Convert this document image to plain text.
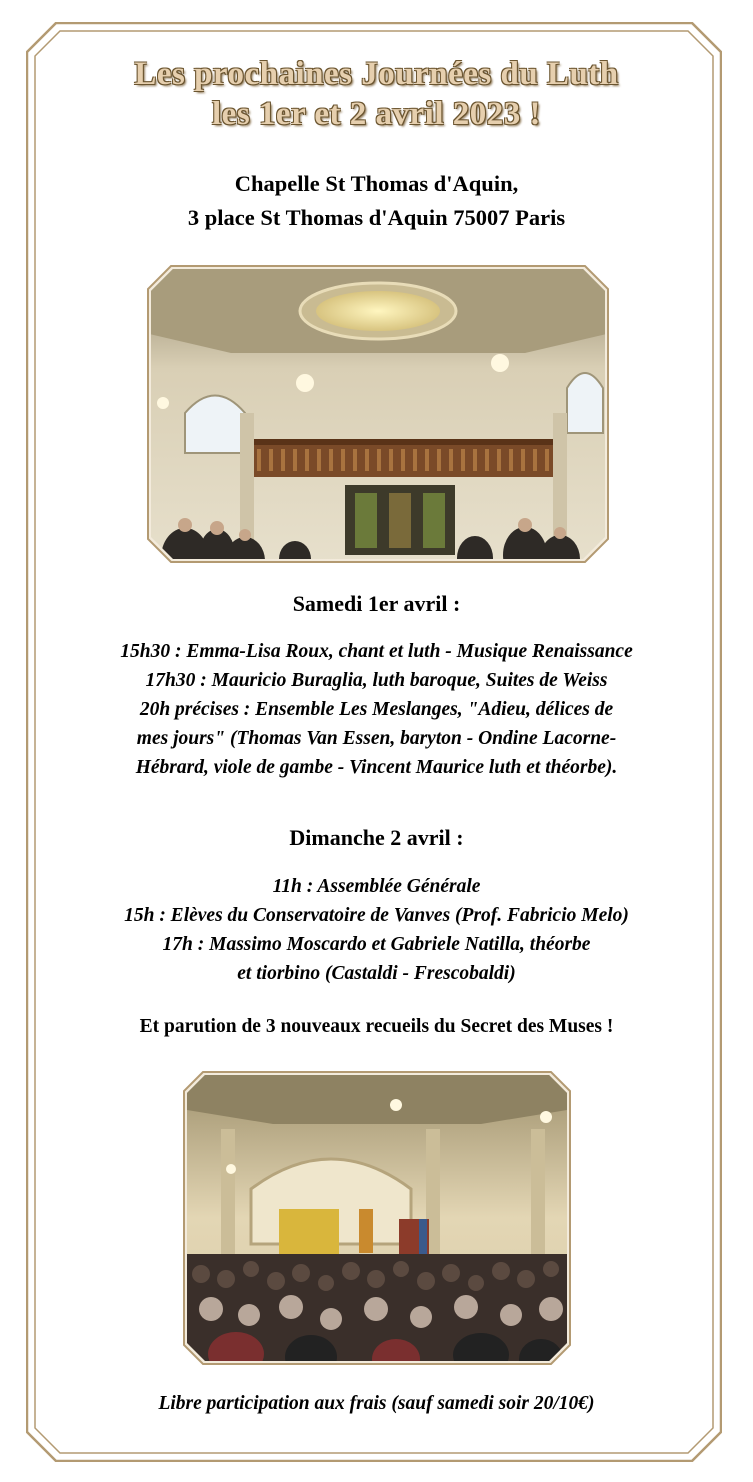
Les prochaines Journées du Luth
les 1er et 2 avril 2023 !
Chapelle St Thomas d'Aquin,
3 place St Thomas d'Aquin 75007 Paris
Samedi 1er avril :
15h30 : Emma-Lisa Roux, chant et luth - Musique Renaissance
17h30 : Mauricio Buraglia, luth baroque, Suites de Weiss
20h précises : Ensemble Les Meslanges, "Adieu, délices de
mes jours" (Thomas Van Essen, baryton - Ondine Lacorne-
Hébrard, viole de gambe - Vincent Maurice luth et théorbe).
Dimanche 2 avril :
11h : Assemblée Générale
15h : Elèves du Conservatoire de Vanves (Prof. Fabricio Melo)
17h : Massimo Moscardo et Gabriele Natilla, théorbe
et tiorbino (Castaldi - Frescobaldi)
Et parution de 3 nouveaux recueils du Secret des Muses !
Libre participation aux frais (sauf samedi soir 20/10€)
